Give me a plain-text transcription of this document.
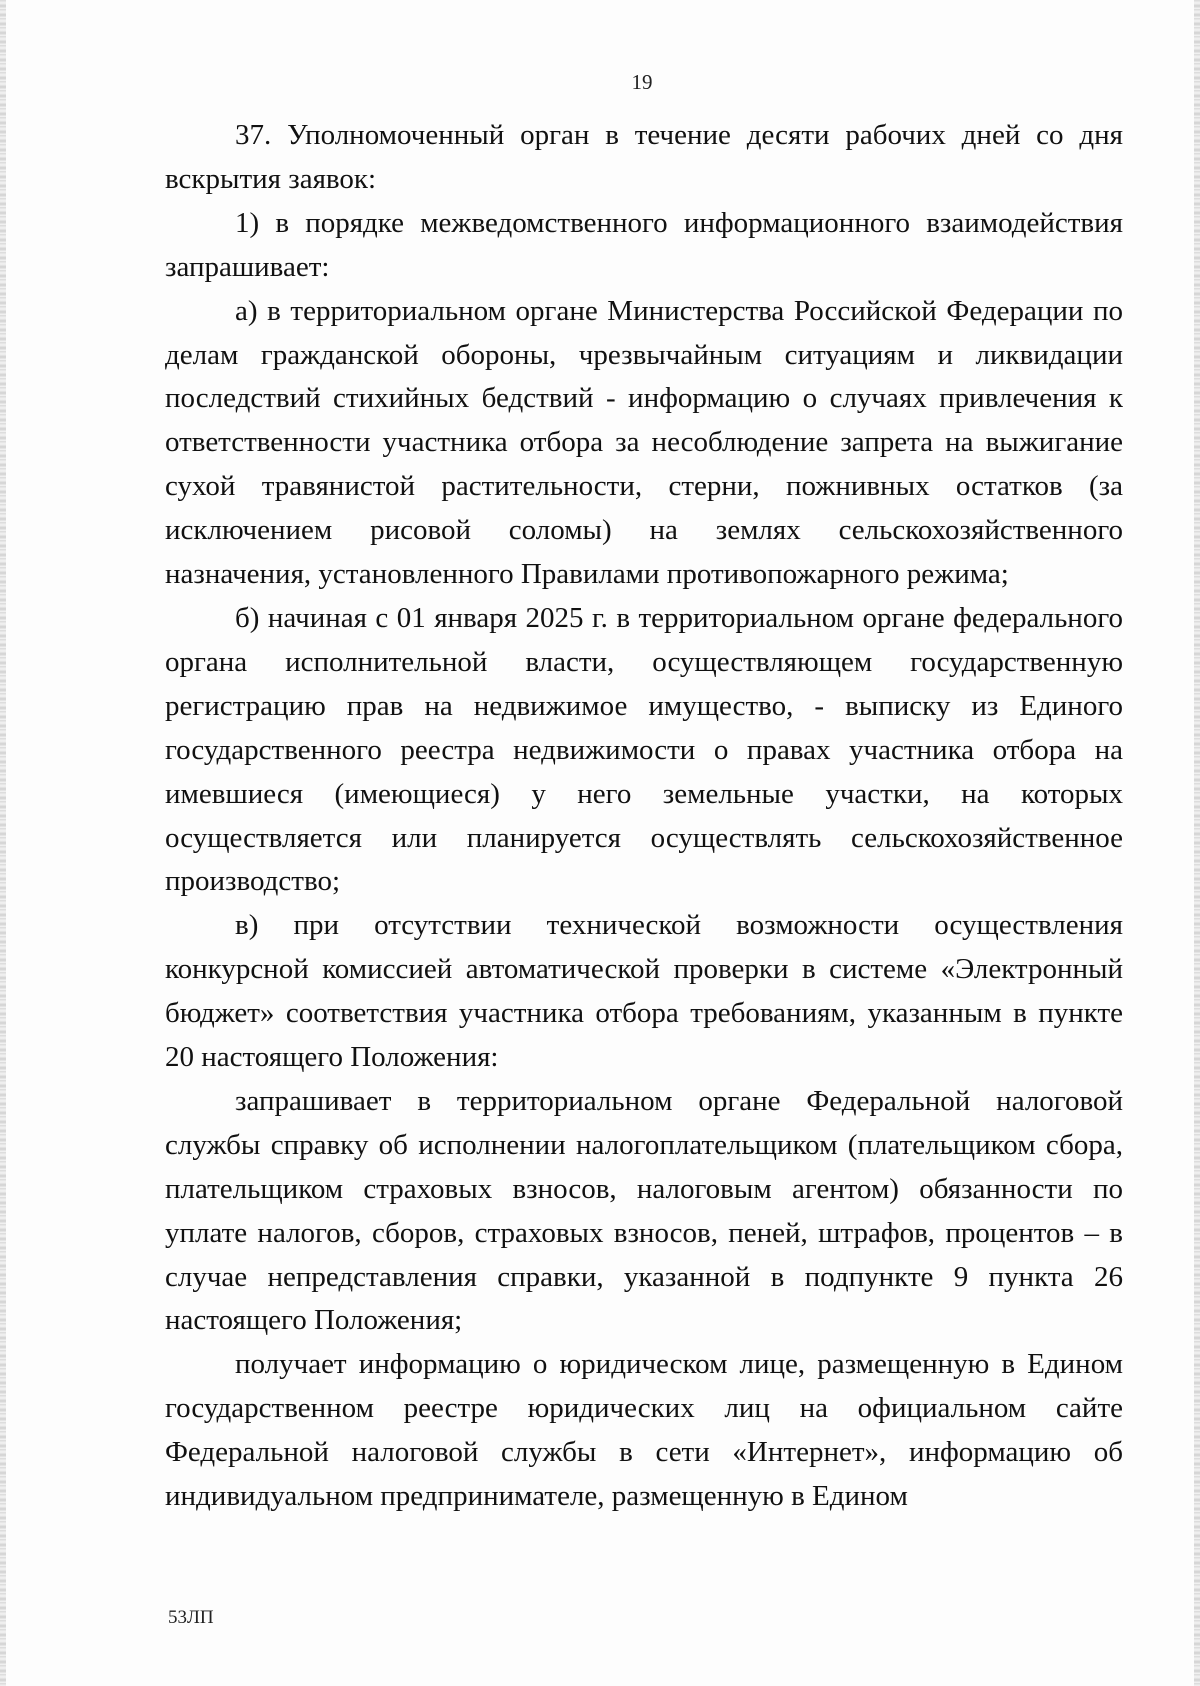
19

37. Уполномоченный орган в течение десяти рабочих дней со дня вскрытия заявок:

1) в порядке межведомственного информационного взаимодействия запрашивает:

а) в территориальном органе Министерства Российской Федерации по делам гражданской обороны, чрезвычайным ситуациям и ликвидации последствий стихийных бедствий - информацию о случаях привлечения к ответственности участника отбора за несоблюдение запрета на выжигание сухой травянистой растительности, стерни, пожнивных остатков (за исключением рисовой соломы) на землях сельскохозяйственного назначения, установленного Правилами противопожарного режима;

б) начиная с 01 января 2025 г. в территориальном органе федерального органа исполнительной власти, осуществляющем государственную регистрацию прав на недвижимое имущество, - выписку из Единого государственного реестра недвижимости о правах участника отбора на имевшиеся (имеющиеся) у него земельные участки, на которых осуществляется или планируется осуществлять сельскохозяйственное производство;

в) при отсутствии технической возможности осуществления конкурсной комиссией автоматической проверки в системе «Электронный бюджет» соответствия участника отбора требованиям, указанным в пункте 20 настоящего Положения:

запрашивает в территориальном органе Федеральной налоговой службы справку об исполнении налогоплательщиком (плательщиком сбора, плательщиком страховых взносов, налоговым агентом) обязанности по уплате налогов, сборов, страховых взносов, пеней, штрафов, процентов – в случае непредставления справки, указанной в подпункте 9 пункта 26 настоящего Положения;

получает информацию о юридическом лице, размещенную в Едином государственном реестре юридических лиц на официальном сайте Федеральной налоговой службы в сети «Интернет», информацию об индивидуальном предпринимателе, размещенную в Едином

53ЛП
